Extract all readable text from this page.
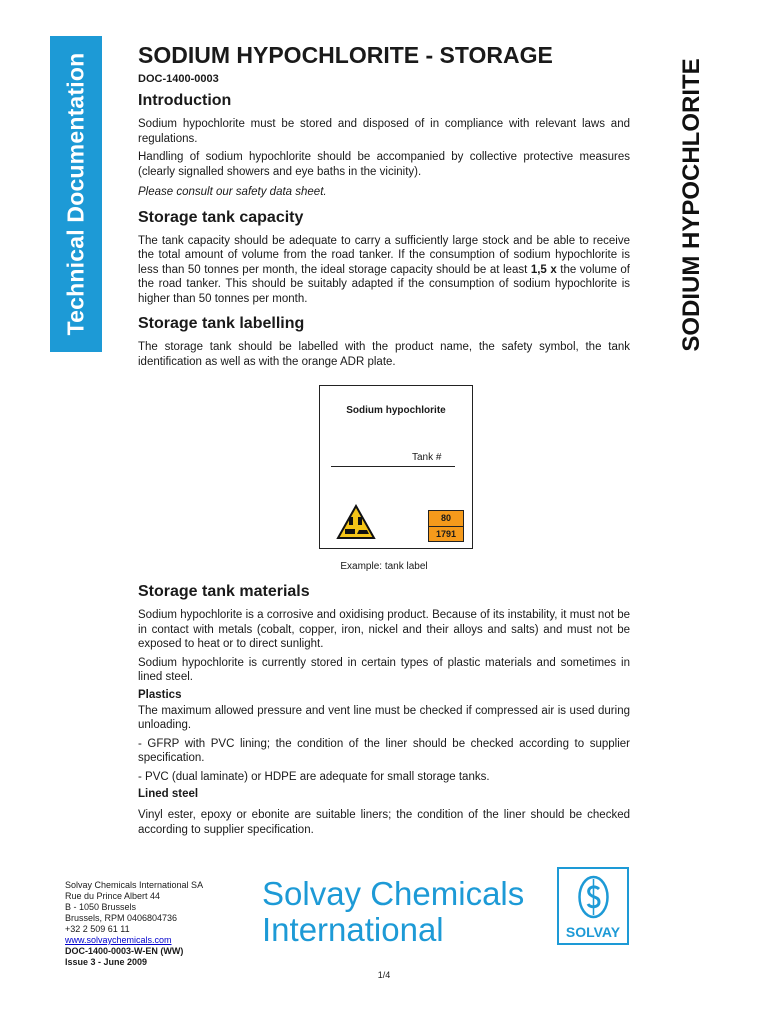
Technical Documentation	SODIUM HYPOCHLORITE
SODIUM HYPOCHLORITE - STORAGE
DOC-1400-0003
Introduction

Sodium hypochlorite must be stored and disposed of in compliance with relevant laws and regulations.

Handling of sodium hypochlorite should be accompanied by collective protective measures (clearly signalled showers and eye baths in the vicinity).

Please consult our safety data sheet.

Storage tank capacity

The tank capacity should be adequate to carry a sufficiently large stock and be able to receive the total amount of volume from the road tanker. If the consumption of sodium hypochlorite is less than 50 tonnes per month, the ideal storage capacity should be at least 1,5 x the volume of the road tanker. This should be suitably adapted if the consumption of sodium hypochlorite is higher than 50 tonnes per month.

Storage tank labelling

The storage tank should be labelled with the product name, the safety symbol, the tank identification as well as with the orange ADR plate.

Sodium hypochlorite
Tank #
80
1791
Example: tank label
Storage tank materials

Sodium hypochlorite is a corrosive and oxidising product. Because of its instability, it must not be in contact with metals (cobalt, copper, iron, nickel and their alloys and salts) and must not be exposed to heat or to direct sunlight.

Sodium hypochlorite is currently stored in certain types of plastic materials and sometimes in lined steel.

Plastics

The maximum allowed pressure and vent line must be checked if compressed air is used during unloading.

- GFRP with PVC lining; the condition of the liner should be checked according to supplier specification.

- PVC (dual laminate) or HDPE are adequate for small storage tanks.

Lined steel

Vinyl ester, epoxy or ebonite are suitable liners; the condition of the liner should be checked according to supplier specification.

Solvay Chemicals International SA
Rue du Prince Albert 44
B - 1050 Brussels
Brussels, RPM 0406804736
+32 2 509 61 11
www.solvaychemicals.com
DOC-1400-0003-W-EN (WW)
Issue 3 - June 2009
Solvay Chemicals
International	SOLVAY
1/4
